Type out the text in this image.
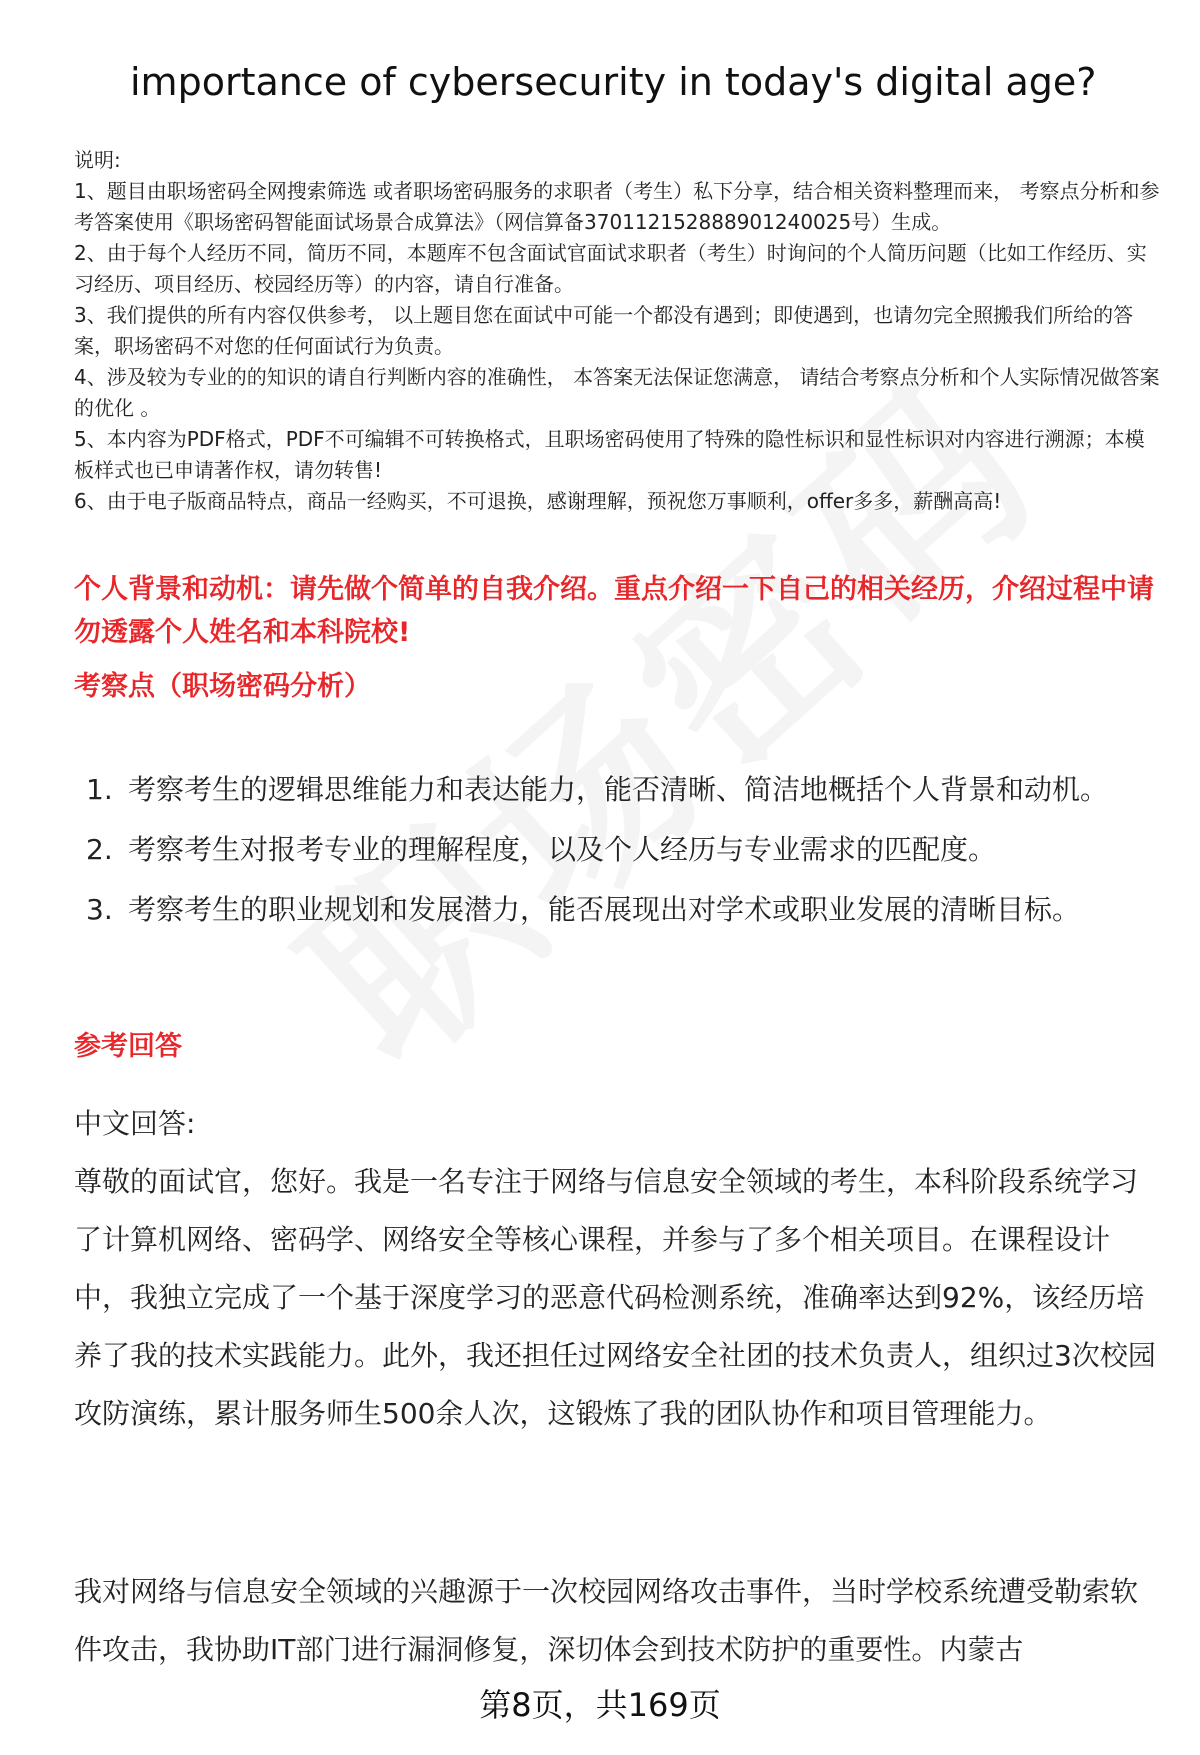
importance of cybersecurity in today's digital age?

说明:

1、题目由职场密码全网搜索筛选 或者职场密码服务的求职者（考生）私下分享，结合相关资料整理而来， 考察点分析和参考答案使用《职场密码智能面试场景合成算法》（网信算备370112152888901240025号）生成。

2、由于每个人经历不同，简历不同，本题库不包含面试官面试求职者（考生）时询问的个人简历问题（比如工作经历、实习经历、项目经历、校园经历等）的内容，请自行准备。

3、我们提供的所有内容仅供参考， 以上题目您在面试中可能一个都没有遇到；即使遇到，也请勿完全照搬我们所给的答案，职场密码不对您的任何面试行为负责。

4、涉及较为专业的的知识的请自行判断内容的准确性， 本答案无法保证您满意， 请结合考察点分析和个人实际情况做答案的优化 。

5、本内容为PDF格式，PDF不可编辑不可转换格式，且职场密码使用了特殊的隐性标识和显性标识对内容进行溯源；本模板样式也已申请著作权，请勿转售!

6、由于电子版商品特点，商品一经购买，不可退换，感谢理解，预祝您万事顺利，offer多多，薪酬高高!

个人背景和动机：请先做个简单的自我介绍。重点介绍一下自己的相关经历，介绍过程中请勿透露个人姓名和本科院校!
考察点（职场密码分析）
1. 考察考生的逻辑思维能力和表达能力，能否清晰、简洁地概括个人背景和动机。
2. 考察考生对报考专业的理解程度，以及个人经历与专业需求的匹配度。
3. 考察考生的职业规划和发展潜力，能否展现出对学术或职业发展的清晰目标。
参考回答

中文回答:

尊敬的面试官，您好。我是一名专注于网络与信息安全领域的考生，本科阶段系统学习了计算机网络、密码学、网络安全等核心课程，并参与了多个相关项目。在课程设计中，我独立完成了一个基于深度学习的恶意代码检测系统，准确率达到92%，该经历培养了我的技术实践能力。此外，我还担任过网络安全社团的技术负责人，组织过3次校园攻防演练，累计服务师生500余人次，这锻炼了我的团队协作和项目管理能力。

我对网络与信息安全领域的兴趣源于一次校园网络攻击事件，当时学校系统遭受勒索软件攻击，我协助IT部门进行漏洞修复，深切体会到技术防护的重要性。内蒙古

第8页，共169页
